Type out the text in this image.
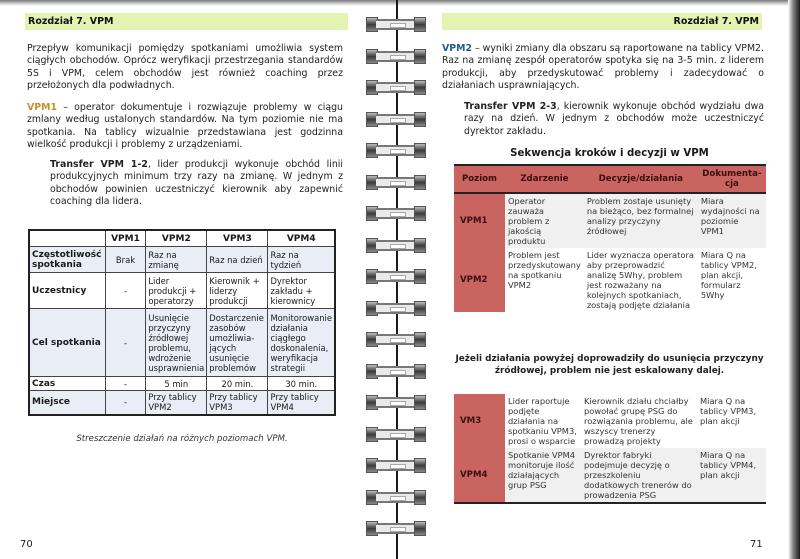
Rozdział 7. VPM
Przepływ komunikacji pomiędzy spotkaniami umożliwia system ciągłych obchodów. Oprócz weryfikacji przestrzegania standardów 5S i VPM, celem obchodów jest również coaching przez przełożonych dla podwładnych.
VPM1 – operator dokumentuje i rozwiązuje problemy w ciągu zmlany według ustalonych standardów. Na tym poziomie nie ma spotkania. Na tablicy wizualnie przedstawiana jest godzinna wielkość produkcji i problemy z urządzeniami.
Transfer VPM 1-2, lider produkcji wykonuje obchód linii produkcyjnych minimum trzy razy na zmianę. W jednym z obchodów powinien uczestniczyć kierownik aby zapewnić coaching dla lidera.
	VPM1	VPM2	VPM3	VPM4
Częstotliwość spotkania	Brak	Raz na zmianę	Raz na dzień	Raz na tydzień
Uczestnicy	-	Lider produkcji + operatorzy	Kierownik + liderzy produkcji	Dyrektor zakładu + kierownicy
Cel spotkania	-	Usunięcie przyczyny źródłowej problemu, wdrożenie usprawnienia	Dostarczenie zasobów umożliwia-jących usunięcie problemów	Monitorowanie działania ciągłego doskonalenia, weryfikacja strategii
Czas	-	5 min	20 min.	30 min.
Miejsce	-	Przy tablicy VPM2	Przy tablicy VPM3	Przy tablicy VPM4
Streszczenie działań na różnych poziomach VPM.
70
Rozdział 7. VPM
VPM2 – wyniki zmiany dla obszaru są raportowane na tablicy VPM2. Raz na zmianę zespół operatorów spotyka się na 3-5 min. z liderem produkcji, aby przedyskutować problemy i zadecydować o działaniach usprawniających.
Transfer VPM 2-3, kierownik wykonuje obchód wydziału dwa razy na dzień. W jednym z obchodów może uczestniczyć dyrektor zakładu.
Sekwencja kroków i decyzji w VPM
Poziom	Zdarzenie	Decyzje/działania	Dokumenta-cja
VPM1	Operator zauważa problem z jakością produktu	Problem zostaje usunięty na bieżąco, bez formalnej analizy przyczyny źródłowej	Miara wydajności na poziomie VPM1
VPM2	Problem jest przedyskutowany na spotkaniu VPM2	Lider wyznacza operatora aby przeprowadzić analizę 5Why, problem jest rozważany na kolejnych spotkaniach, zostają podjęte działania	Miara Q na tablicy VPM2, plan akcji, formularz 5Why
Jeżeli działania powyżej doprowadziły do usunięcia przyczyny źródłowej, problem nie jest eskalowany dalej.
VM3	Lider raportuje podjęte działania na spotkaniu VPM3, prosi o wsparcie	Kierownik działu chciałby powołać grupę PSG do rozwiązania problemu, ale wszyscy trenerzy prowadzą projekty	Miara Q na tablicy VPM3, plan akcji
VPM4	Spotkanie VPM4 monitoruje ilość działających grup PSG	Dyrektor fabryki podejmuje decyzję o przeszkoleniu dodatkowych trenerów do prowadzenia PSG	Miara Q na tablicy VPM4, plan akcji
71
